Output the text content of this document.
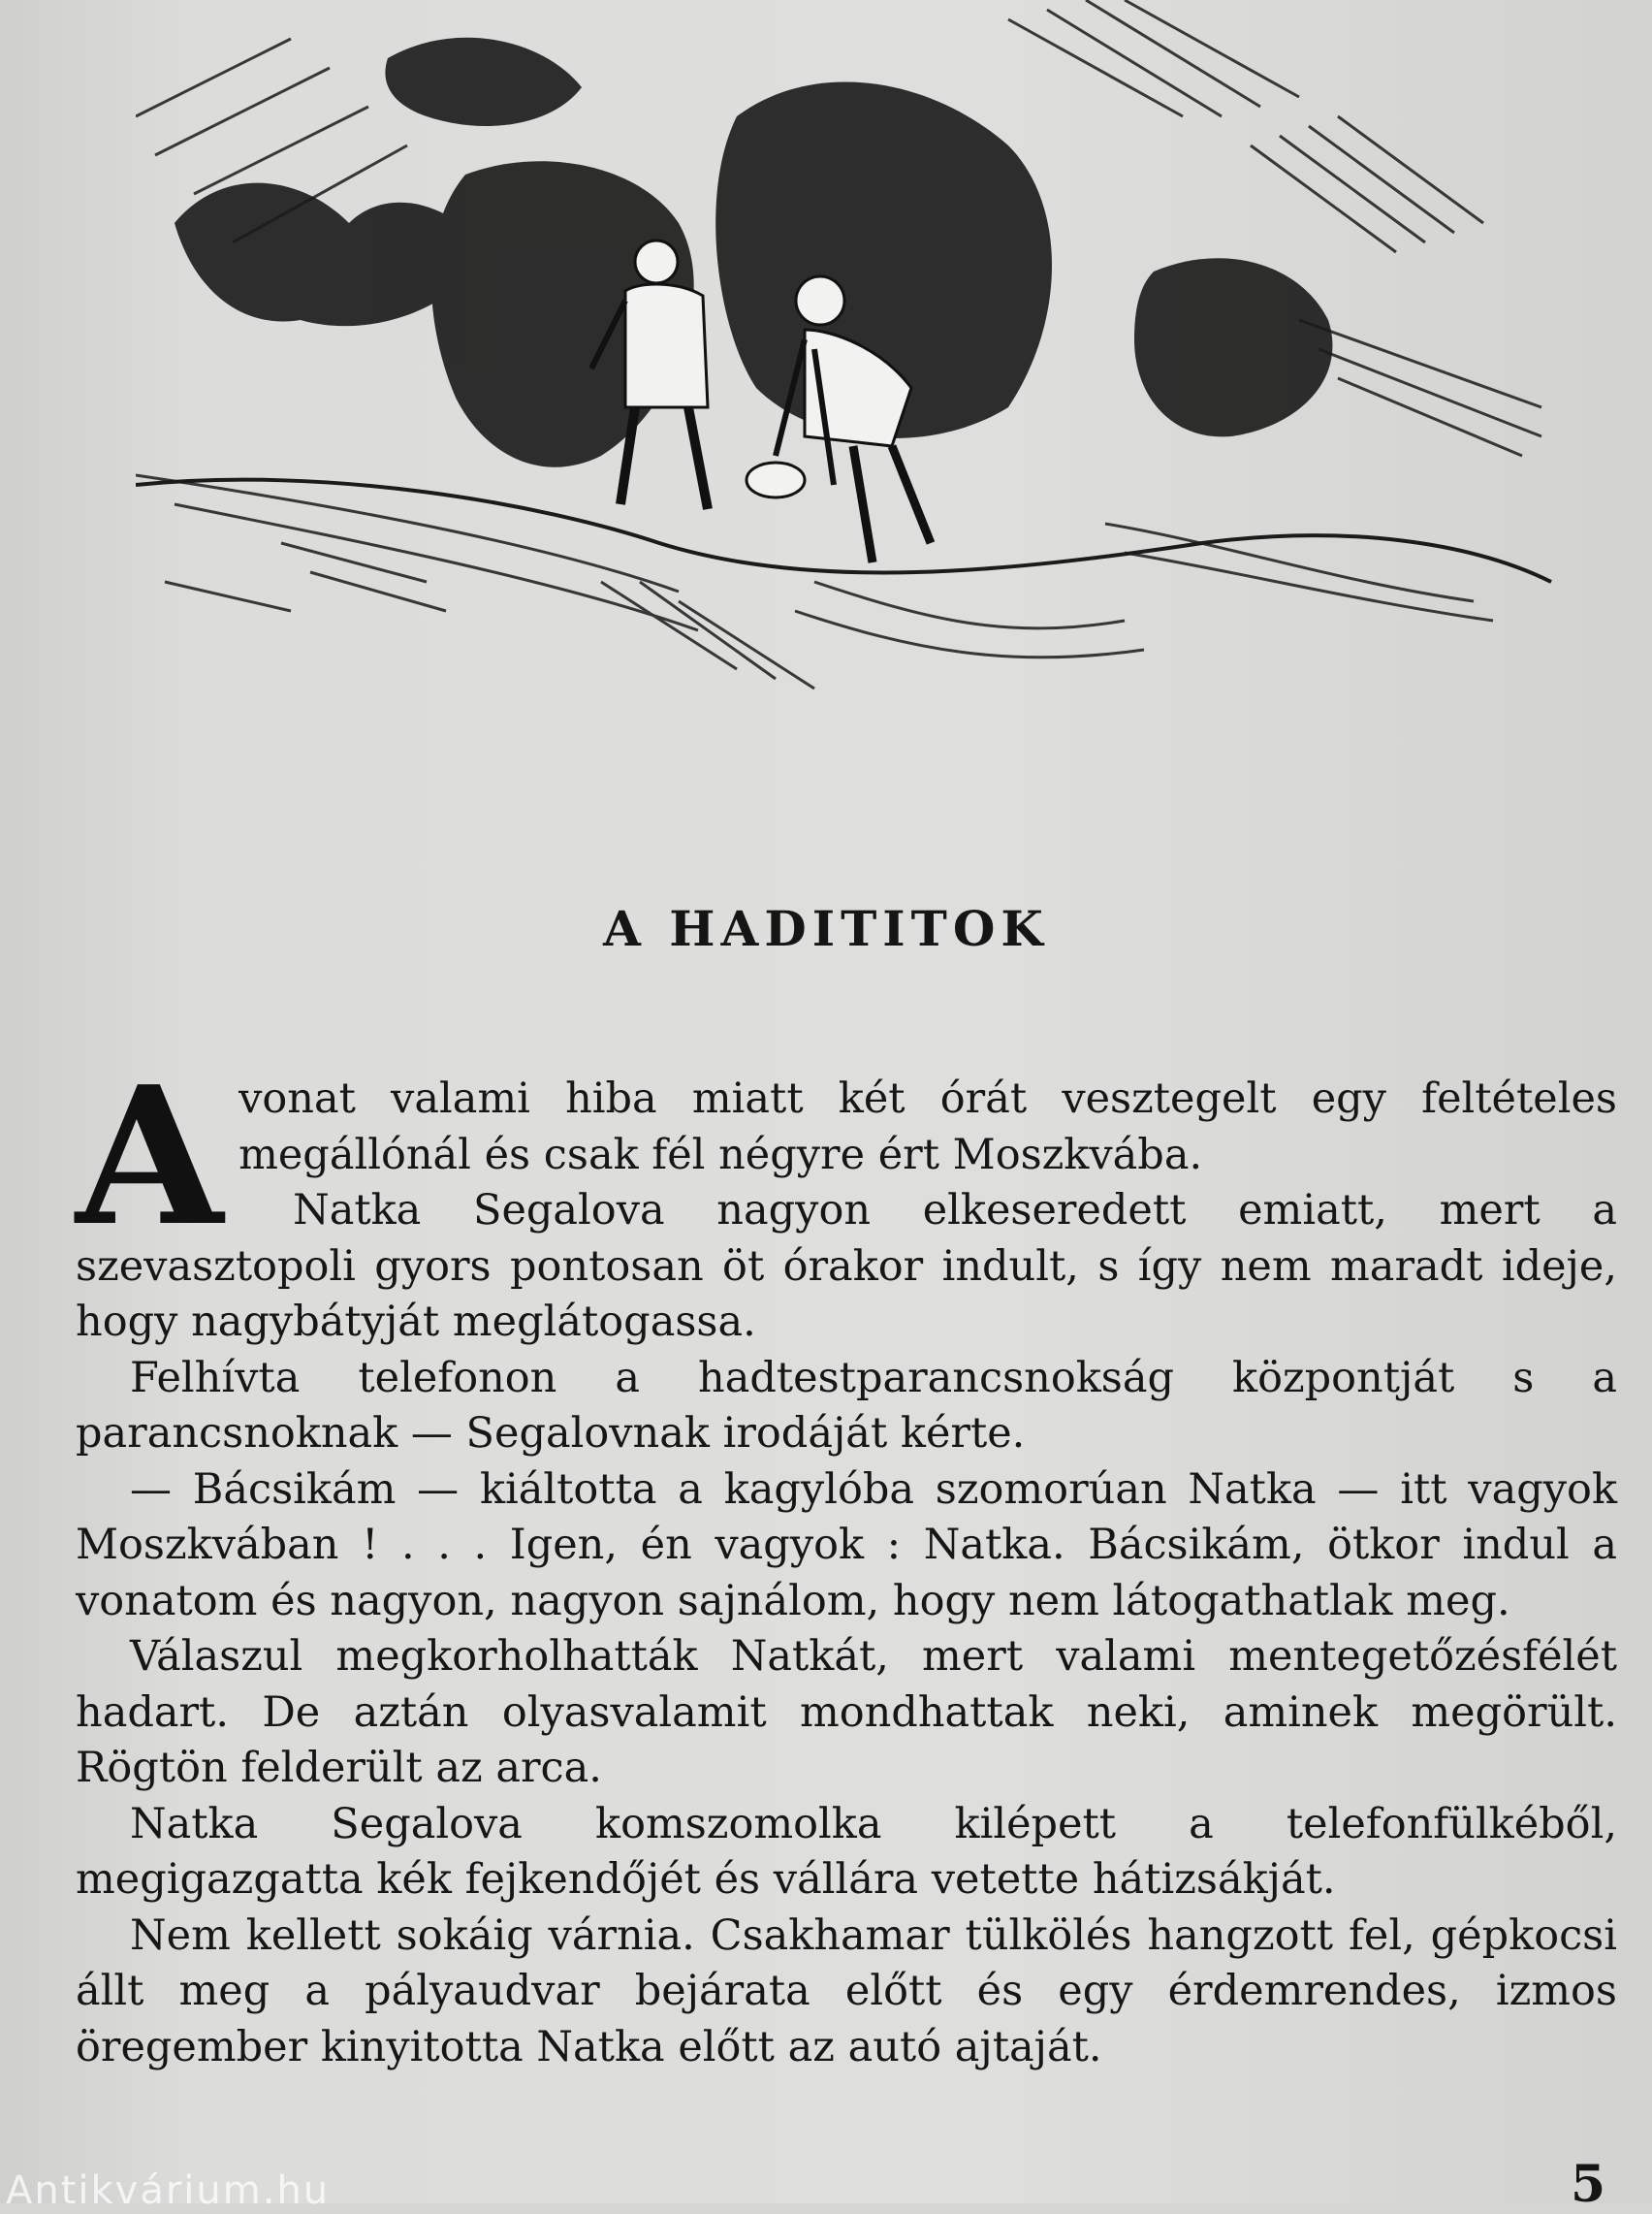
A HADITITOK
A vonat valami hiba miatt két órát vesztegelt egy feltételes megállónál és csak fél négyre ért Moszkvába.

Natka Segalova nagyon elkeseredett emiatt, mert a szevasztopoli gyors pontosan öt órakor indult, s így nem maradt ideje, hogy nagybátyját meglátogassa.

Felhívta telefonon a hadtestparancsnokság központját s a parancsnoknak — Segalovnak irodáját kérte.

— Bácsikám — kiáltotta a kagylóba szomorúan Natka — itt vagyok Moszkvában ! . . . Igen, én vagyok : Natka. Bácsikám, ötkor indul a vonatom és nagyon, nagyon sajnálom, hogy nem látogathatlak meg.

Válaszul megkorholhatták Natkát, mert valami mentegetőzésfélét hadart. De aztán olyasvalamit mondhattak neki, aminek megörült. Rögtön felderült az arca.

Natka Segalova komszomolka kilépett a telefonfülkéből, megigazgatta kék fejkendőjét és vállára vetette hátizsákját.

Nem kellett sokáig várnia. Csakhamar tülkölés hangzott fel, gépkocsi állt meg a pályaudvar bejárata előtt és egy érdemrendes, izmos öregember kinyitotta Natka előtt az autó ajtaját.

Antikvárium.hu	5
